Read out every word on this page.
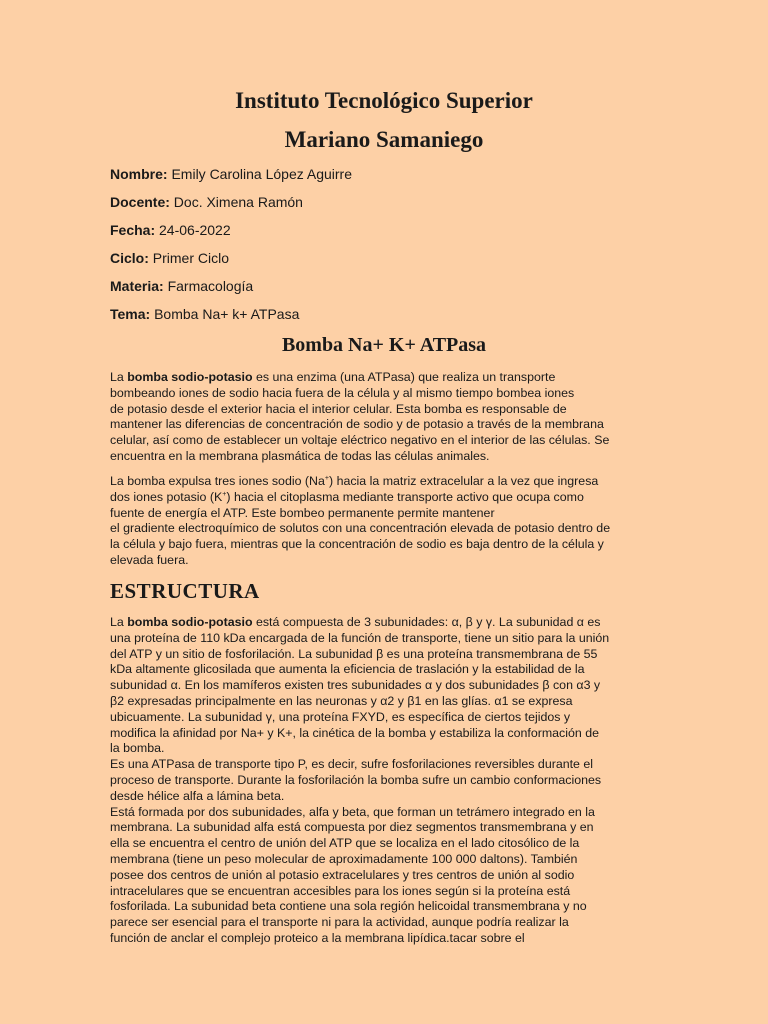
Instituto Tecnológico Superior
Mariano Samaniego
Nombre: Emily Carolina López Aguirre
Docente: Doc. Ximena Ramón
Fecha: 24-06-2022
Ciclo: Primer Ciclo
Materia: Farmacología
Tema: Bomba Na+ k+ ATPasa
Bomba Na+ K+ ATPasa
La bomba sodio-potasio es una enzima (una ATPasa) que realiza un transporte
bombeando iones de sodio hacia fuera de la célula y al mismo tiempo bombea iones
de potasio desde el exterior hacia el interior celular. Esta bomba es responsable de
mantener las diferencias de concentración de sodio y de potasio a través de la membrana
celular, así como de establecer un voltaje eléctrico negativo en el interior de las células. Se
encuentra en la membrana plasmática de todas las células animales.
La bomba expulsa tres iones sodio (Na+) hacia la matriz extracelular a la vez que ingresa
dos iones potasio (K+) hacia el citoplasma mediante transporte activo que ocupa como
fuente de energía el ATP. Este bombeo permanente permite mantener
el gradiente electroquímico de solutos con una concentración elevada de potasio dentro de
la célula y bajo fuera, mientras que la concentración de sodio es baja dentro de la célula y
elevada fuera.
ESTRUCTURA
La bomba sodio-potasio está compuesta de 3 subunidades: α, β y γ. La subunidad α es
una proteína de 110 kDa encargada de la función de transporte, tiene un sitio para la unión
del ATP y un sitio de fosforilación. La subunidad β es una proteína transmembrana de 55
kDa altamente glicosilada que aumenta la eficiencia de traslación y la estabilidad de la
subunidad α. En los mamíferos existen tres subunidades α y dos subunidades β con α3 y
β2 expresadas principalmente en las neuronas y α2 y β1 en las glías. α1 se expresa
ubicuamente. La subunidad γ, una proteína FXYD, es específica de ciertos tejidos y
modifica la afinidad por Na+ y K+, la cinética de la bomba y estabiliza la conformación de
la bomba.
Es una ATPasa de transporte tipo P, es decir, sufre fosforilaciones reversibles durante el
proceso de transporte. Durante la fosforilación la bomba sufre un cambio conformaciones
desde hélice alfa a lámina beta.
Está formada por dos subunidades, alfa y beta, que forman un tetrámero integrado en la
membrana. La subunidad alfa está compuesta por diez segmentos transmembrana y en
ella se encuentra el centro de unión del ATP que se localiza en el lado citosólico de la
membrana (tiene un peso molecular de aproximadamente 100 000 daltons). También
posee dos centros de unión al potasio extracelulares y tres centros de unión al sodio
intracelulares que se encuentran accesibles para los iones según si la proteína está
fosforilada. La subunidad beta contiene una sola región helicoidal transmembrana y no
parece ser esencial para el transporte ni para la actividad, aunque podría realizar la
función de anclar el complejo proteico a la membrana lipídica.tacar sobre el
